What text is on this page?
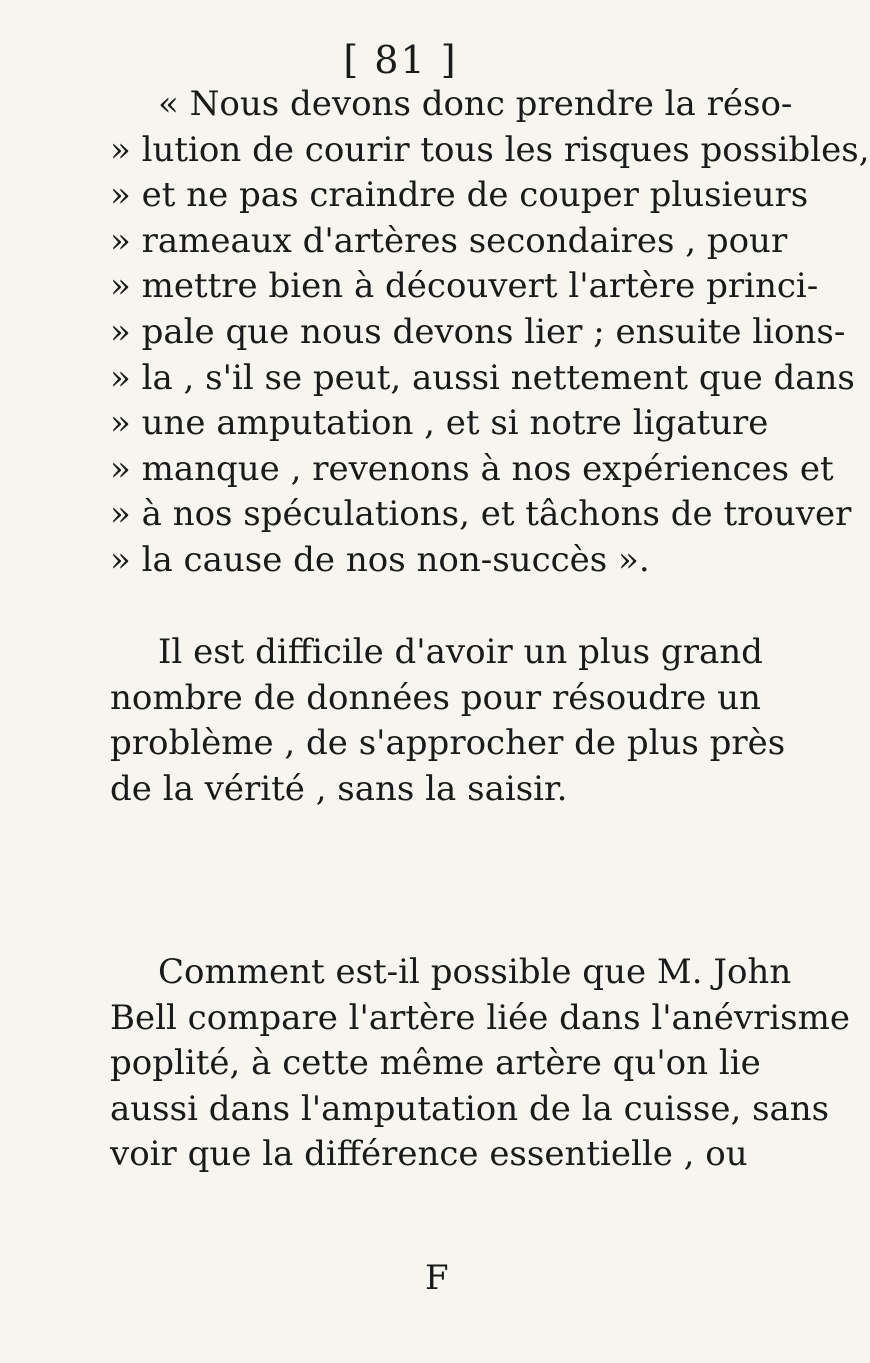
[ 81 ]
« Nous devons donc prendre la réso-
» lution de courir tous les risques possibles,
» et ne pas craindre de couper plusieurs
» rameaux d'artères secondaires , pour
» mettre bien à découvert l'artère princi-
» pale que nous devons lier ; ensuite lions-
» la , s'il se peut, aussi nettement que dans
» une amputation , et si notre ligature
» manque , revenons à nos expériences et
» à nos spéculations, et tâchons de trouver
» la cause de nos non-succès ».
Il est difficile d'avoir un plus grand
nombre de données pour résoudre un
problème , de s'approcher de plus près
de la vérité , sans la saisir.
Comment est-il possible que M. John
Bell compare l'artère liée dans l'anévrisme
poplité, à cette même artère qu'on lie
aussi dans l'amputation de la cuisse, sans
voir que la différence essentielle , ou
F
